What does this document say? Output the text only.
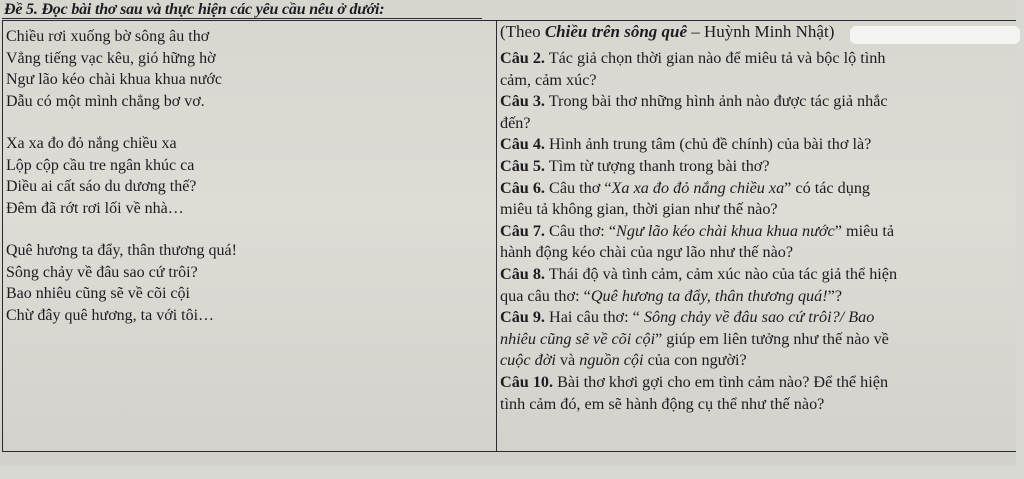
Đề 5. Đọc bài thơ sau và thực hiện các yêu cầu nêu ở dưới:
Chiều rơi xuống bờ sông âu thơ
Vẳng tiếng vạc kêu, gió hững hờ
Ngư lão kéo chài khua khua nước
Dẫu có một mình chẳng bơ vơ.
Xa xa đo đỏ nắng chiều xa
Lộp cộp cầu tre ngân khúc ca
Diều ai cất sáo du dương thế?
Đêm đã rớt rơi lối về nhà…
Quê hương ta đẩy, thân thương quá!
Sông chảy về đâu sao cứ trôi?
Bao nhiêu cũng sẽ về cõi cội
Chừ đây quê hương, ta với tôi…
(Theo Chiều trên sông quê – Huỳnh Minh Nhật)
Câu 2. Tác giả chọn thời gian nào để miêu tả và bộc lộ tình
cảm, cảm xúc?
Câu 3. Trong bài thơ những hình ảnh nào được tác giả nhắc
đến?
Câu 4. Hình ảnh trung tâm (chủ đề chính) của bài thơ là?
Câu 5. Tìm từ tượng thanh trong bài thơ?
Câu 6. Câu thơ “Xa xa đo đỏ nắng chiều xa” có tác dụng
miêu tả không gian, thời gian như thế nào?
Câu 7. Câu thơ: “Ngư lão kéo chài khua khua nước” miêu tả
hành động kéo chài của ngư lão như thế nào?
Câu 8. Thái độ và tình cảm, cảm xúc nào của tác giả thể hiện
qua câu thơ: “Quê hương ta đẩy, thân thương quá!”?
Câu 9. Hai câu thơ: “ Sông chảy về đâu sao cứ trôi?/ Bao
nhiêu cũng sẽ về cõi cội” giúp em liên tưởng như thế nào về
cuộc đời và nguồn cội của con người?
Câu 10. Bài thơ khơi gợi cho em tình cảm nào? Để thể hiện
tình cảm đó, em sẽ hành động cụ thể như thế nào?
